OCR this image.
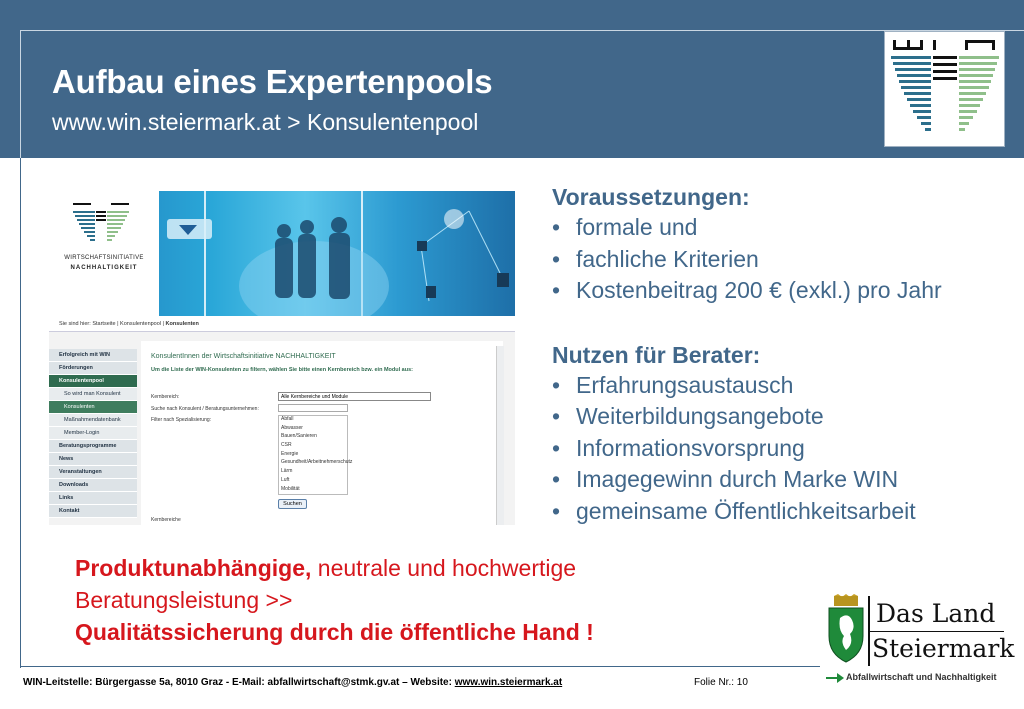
Aufbau eines Expertenpools
www.win.steiermark.at > Konsulentenpool
WIRTSCHAFTSINITIATIVE
NACHHALTIGKEIT
Sie sind hier: Startseite | Konsulentenpool | Konsulenten
Erfolgreich mit WIN
Förderungen
Konsulentenpool
So wird man Konsulent
Konsulenten
Maßnahmendatenbank
Member-Login
Beratungsprogramme
News
Veranstaltungen
Downloads
Links
Kontakt
KonsulentInnen der Wirtschaftsinitiative NACHHALTIGKEIT
Um die Liste der WIN-Konsulenten zu filtern, wählen Sie bitte einen Kernbereich bzw. ein Modul aus:
Kernbereich:	Alle Kernbereiche und Module
Suche nach Konsulent / Beratungsunternehmen:
Filter nach Spezialisierung:	Abfall
Abwasser
Bauen/Sanieren
CSR
Energie
Gesundheit/Arbeitnehmerschutz
Lärm
Luft
Mobilität
Suchen
Kernbereiche
Voraussetzungen:
• formale und
• fachliche Kriterien
• Kostenbeitrag 200 € (exkl.) pro Jahr
Nutzen für Berater:
• Erfahrungsaustausch
• Weiterbildungsangebote
• Informationsvorsprung
• Imagegewinn durch Marke WIN
• gemeinsame Öffentlichkeitsarbeit
Produktunabhängige, neutrale und hochwertige
Beratungsleistung >>
Qualitätssicherung durch die öffentliche Hand !
WIN-Leitstelle: Bürgergasse 5a, 8010 Graz - E-Mail: abfallwirtschaft@stmk.gv.at – Website: www.win.steiermark.at	Folie Nr.: 10
Das Land
Steiermark
Abfallwirtschaft und Nachhaltigkeit
